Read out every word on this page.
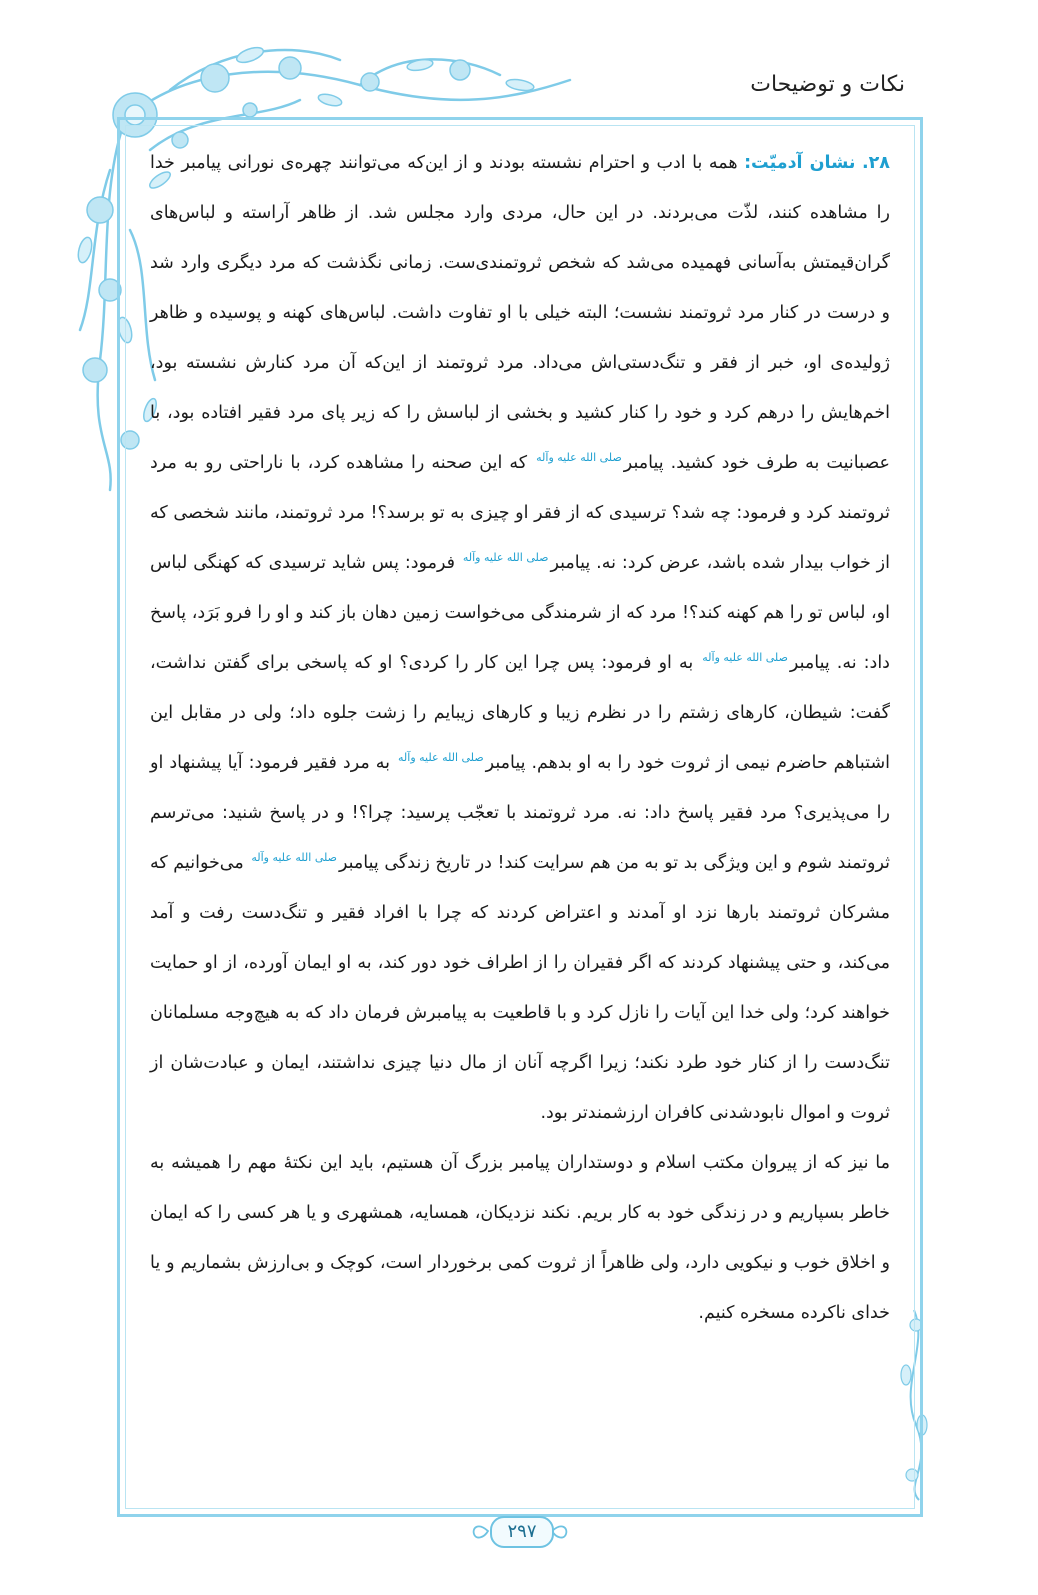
نکات و توضیحات

۲۸. نشان آدمیّت: همه با ادب و احترام نشسته بودند و از این‌که می‌توانند چهره‌ی نورانی پیامبر خدا را مشاهده کنند، لذّت می‌بردند. در این حال، مردی وارد مجلس شد. از ظاهر آراسته و لباس‌های گران‌قیمتش به‌آسانی فهمیده می‌شد که شخص ثروتمندی‌ست. زمانی نگذشت که مرد دیگری وارد شد و درست در کنار مرد ثروتمند نشست؛ البته خیلی با او تفاوت داشت. لباس‌های کهنه و پوسیده و ظاهر ژولیده‌ی او، خبر از فقر و تنگ‌دستی‌اش می‌داد. مرد ثروتمند از این‌که آن مرد کنارش نشسته بود، اخم‌هایش را درهم کرد و خود را کنار کشید و بخشی از لباسش را که زیر پای مرد فقیر افتاده بود، با عصبانیت به طرف خود کشید. پیامبرصلی الله علیه وآله که این صحنه را مشاهده کرد، با ناراحتی رو به مرد ثروتمند کرد و فرمود: چه شد؟ ترسیدی که از فقر او چیزی به تو برسد؟! مرد ثروتمند، مانند شخصی که از خواب بیدار شده باشد، عرض کرد: نه. پیامبرصلی الله علیه وآله فرمود: پس شاید ترسیدی که کهنگی لباس او، لباس تو را هم کهنه کند؟! مرد که از شرمندگی می‌خواست زمین دهان باز کند و او را فرو بَرَد، پاسخ داد: نه. پیامبرصلی الله علیه وآله به او فرمود: پس چرا این کار را کردی؟ او که پاسخی برای گفتن نداشت، گفت: شیطان، کارهای زشتم را در نظرم زیبا و کارهای زیبایم را زشت جلوه داد؛ ولی در مقابل این اشتباهم حاضرم نیمی از ثروت خود را به او بدهم. پیامبرصلی الله علیه وآله به مرد فقیر فرمود: آیا پیشنهاد او را می‌پذیری؟ مرد فقیر پاسخ داد: نه. مرد ثروتمند با تعجّب پرسید: چرا؟! و در پاسخ شنید: می‌ترسم ثروتمند شوم و این ویژگی بد تو به من هم سرایت کند! در تاریخ زندگی پیامبرصلی الله علیه وآله می‌خوانیم که مشرکان ثروتمند بارها نزد او آمدند و اعتراض کردند که چرا با افراد فقیر و تنگ‌دست رفت و آمد می‌کند، و حتی پیشنهاد کردند که اگر فقیران را از اطراف خود دور کند، به او ایمان آورده، از او حمایت خواهند کرد؛ ولی خدا این آیات را نازل کرد و با قاطعیت به پیامبرش فرمان داد که به هیچ‌وجه مسلمانان تنگ‌دست را از کنار خود طرد نکند؛ زیرا اگرچه آنان از مال دنیا چیزی نداشتند، ایمان و عبادت‌شان از ثروت و اموال نابودشدنی کافران ارزشمندتر بود.

ما نیز که از پیروان مکتب اسلام و دوستداران پیامبر بزرگ آن هستیم، باید این نکتهٔ مهم را همیشه به خاطر بسپاریم و در زندگی خود به کار بریم. نکند نزدیکان، همسایه، همشهری و یا هر کسی را که ایمان و اخلاق خوب و نیکویی دارد، ولی ظاهراً از ثروت کمی برخوردار است، کوچک و بی‌ارزش بشماریم و یا خدای ناکرده مسخره کنیم.

۲۹۷
